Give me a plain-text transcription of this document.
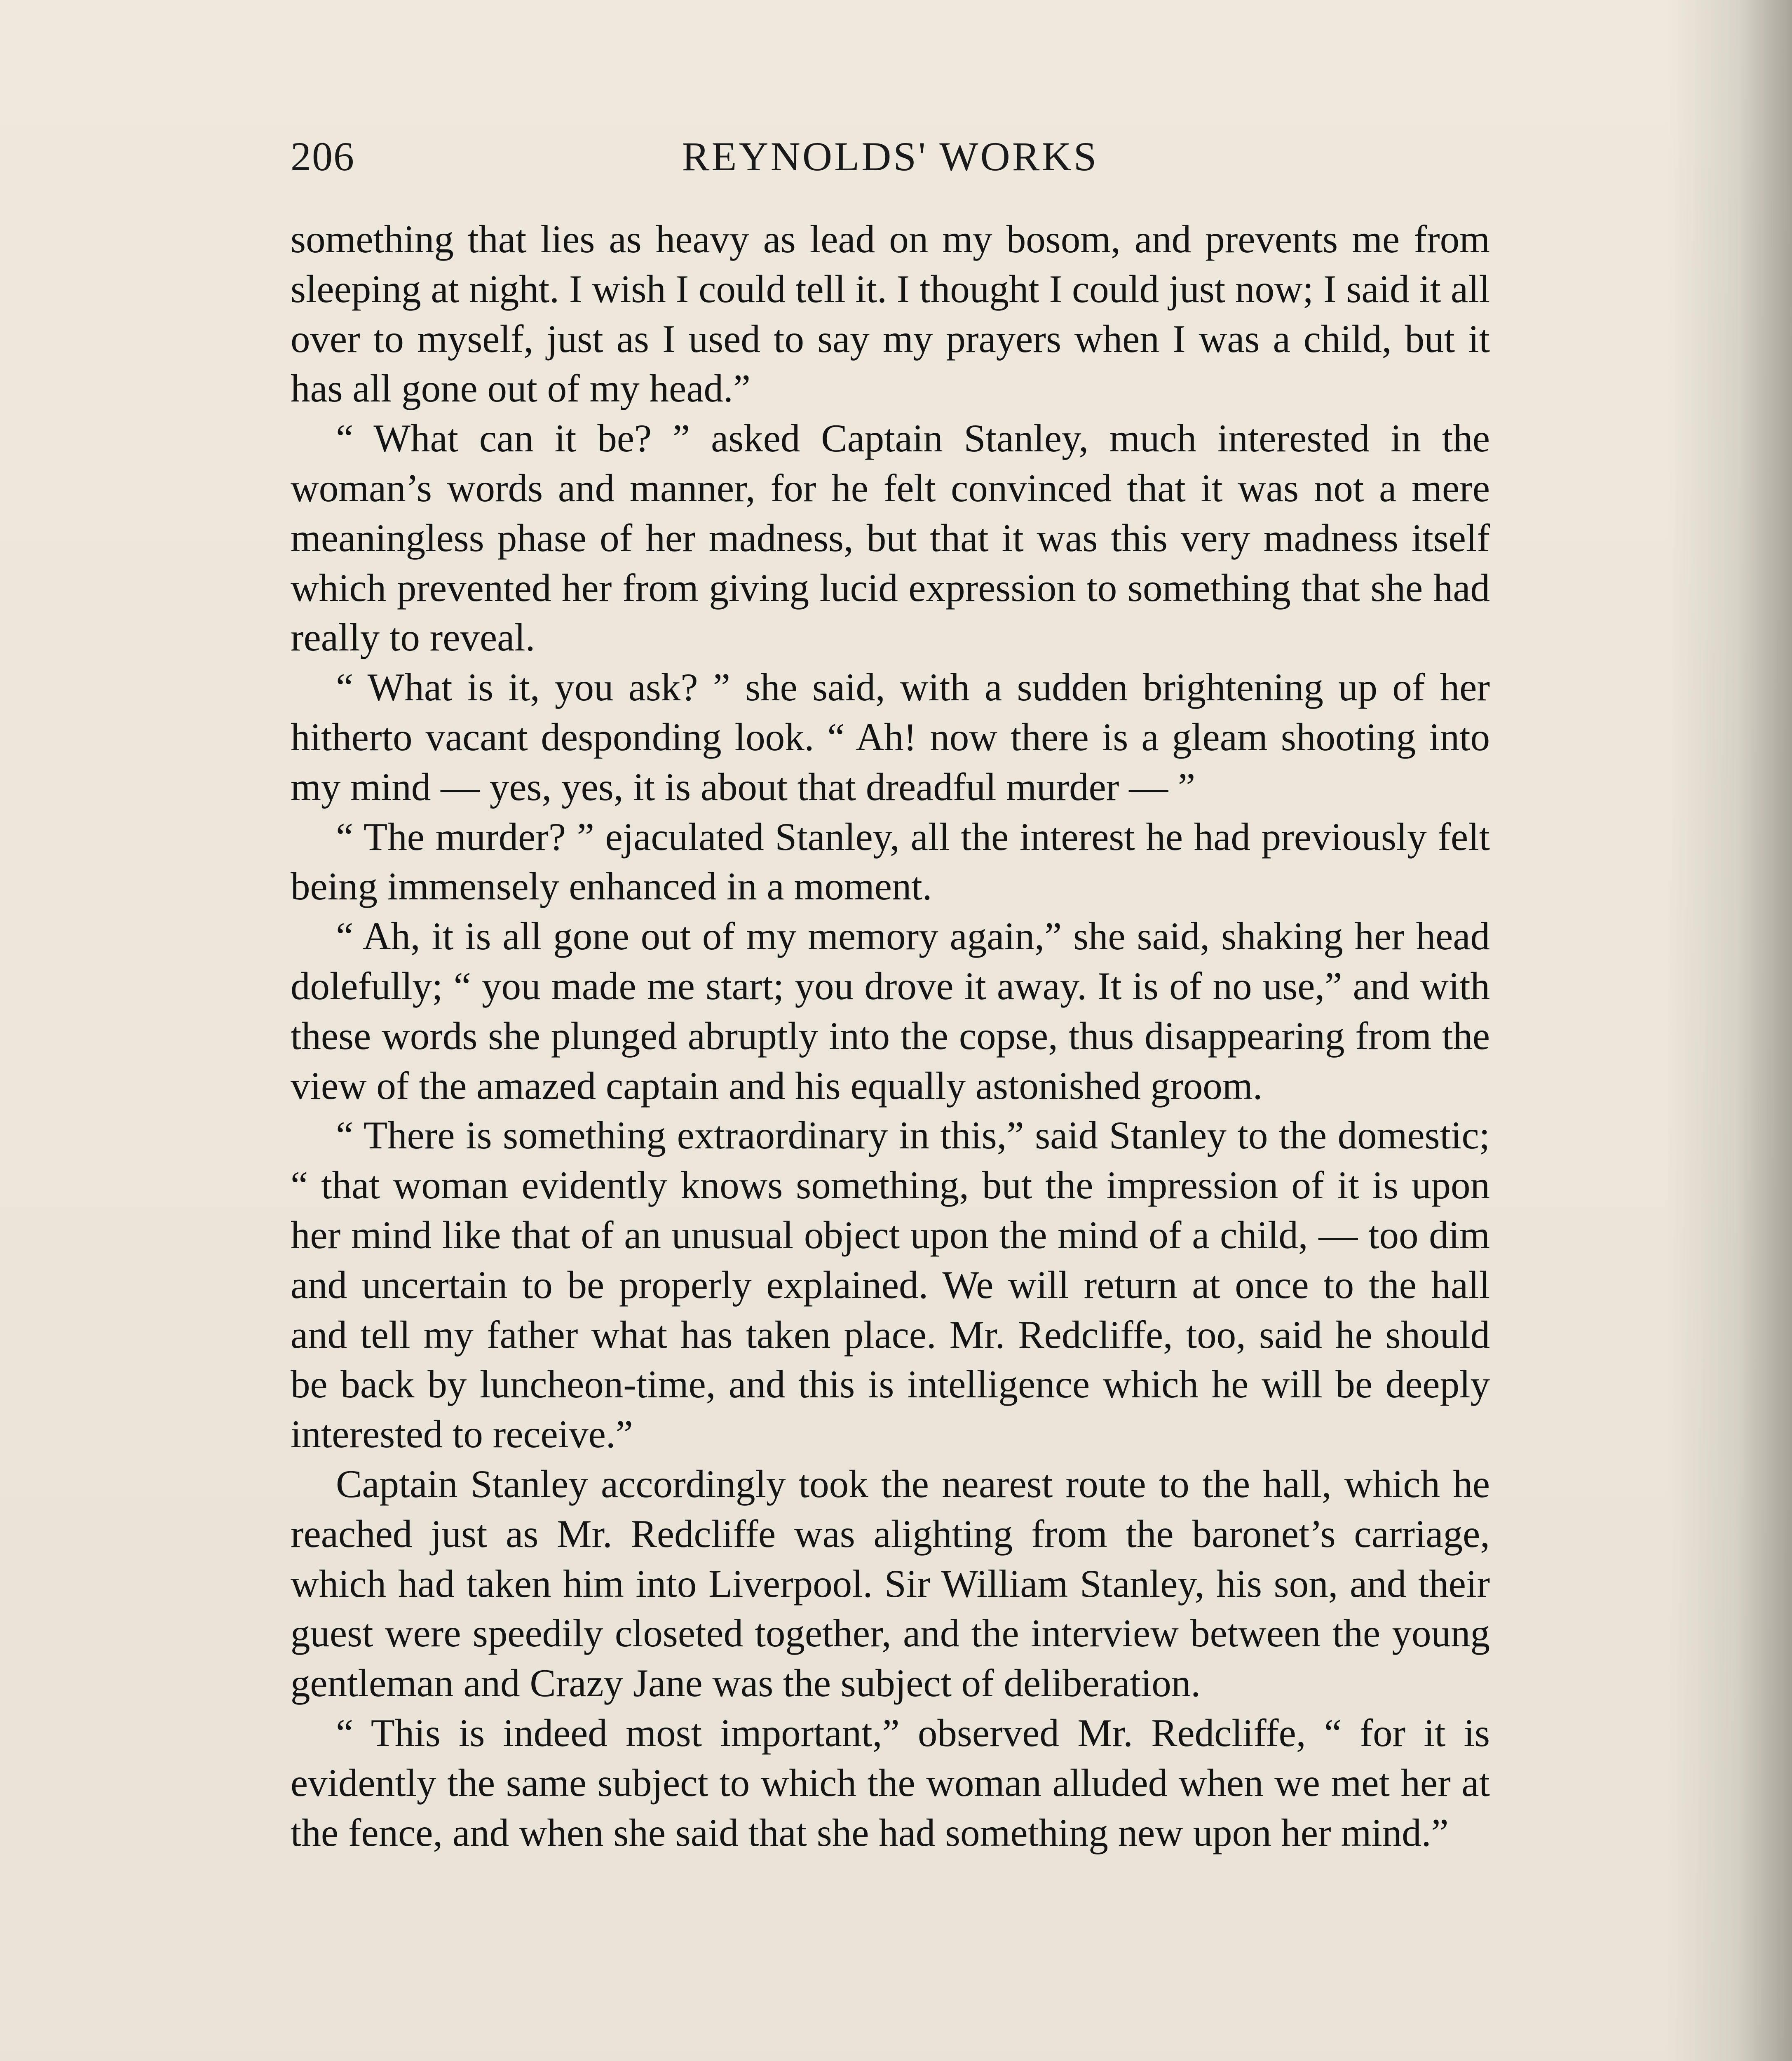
206	REYNOLDS' WORKS

something that lies as heavy as lead on my bosom, and prevents me from sleeping at night. I wish I could tell it. I thought I could just now; I said it all over to myself, just as I used to say my prayers when I was a child, but it has all gone out of my head.”

“ What can it be? ” asked Captain Stanley, much interested in the woman’s words and manner, for he felt convinced that it was not a mere meaningless phase of her madness, but that it was this very madness itself which prevented her from giving lucid expression to something that she had really to reveal.

“ What is it, you ask? ” she said, with a sudden brightening up of her hitherto vacant desponding look. “ Ah! now there is a gleam shooting into my mind — yes, yes, it is about that dreadful murder — ”

“ The murder? ” ejaculated Stanley, all the interest he had previously felt being immensely enhanced in a moment.

“ Ah, it is all gone out of my memory again,” she said, shaking her head dolefully; “ you made me start; you drove it away. It is of no use,” and with these words she plunged abruptly into the copse, thus disappearing from the view of the amazed captain and his equally astonished groom.

“ There is something extraordinary in this,” said Stanley to the domestic; “ that woman evidently knows something, but the impression of it is upon her mind like that of an unusual object upon the mind of a child, — too dim and uncertain to be properly explained. We will return at once to the hall and tell my father what has taken place. Mr. Redcliffe, too, said he should be back by luncheon-time, and this is intelligence which he will be deeply interested to receive.”

Captain Stanley accordingly took the nearest route to the hall, which he reached just as Mr. Redcliffe was alighting from the baronet’s carriage, which had taken him into Liverpool. Sir William Stanley, his son, and their guest were speedily closeted together, and the interview between the young gentleman and Crazy Jane was the subject of deliberation.

“ This is indeed most important,” observed Mr. Redcliffe, “ for it is evidently the same subject to which the woman alluded when we met her at the fence, and when she said that she had something new upon her mind.”
